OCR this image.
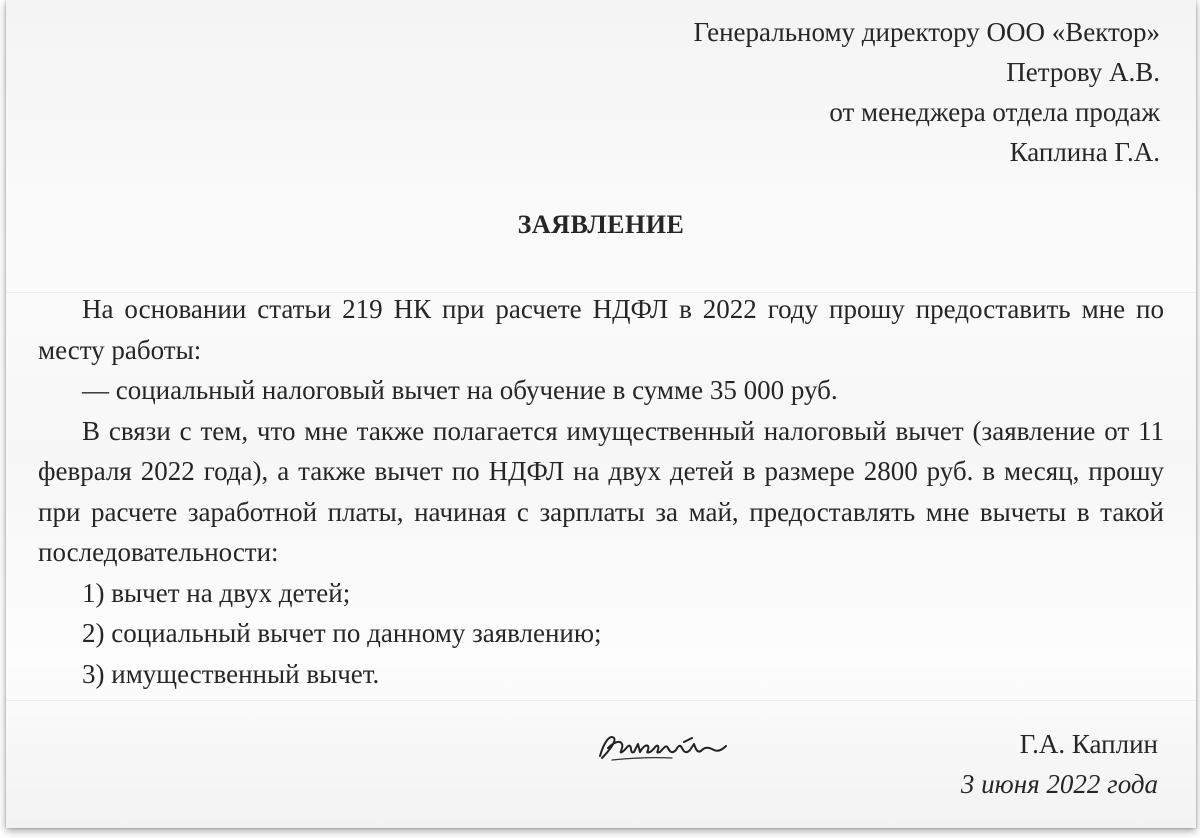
Генеральному директору ООО «Вектор»
Петрову А.В.
от менеджера отдела продаж
Каплина Г.А.
ЗАЯВЛЕНИЕ

На основании статьи 219 НК при расчете НДФЛ в 2022 году прошу предоставить мне по месту работы:

— социальный налоговый вычет на обучение в сумме 35 000 руб.

В связи с тем, что мне также полагается имущественный налоговый вычет (заявление от 11 февраля 2022 года), а также вычет по НДФЛ на двух детей в размере 2800 руб. в месяц, прошу при расчете заработной платы, начиная с зарплаты за май, предоставлять мне вычеты в такой последовательности:

1) вычет на двух детей;

2) социальный вычет по данному заявлению;

3) имущественный вычет.

Г.А. Каплин
3 июня 2022 года
